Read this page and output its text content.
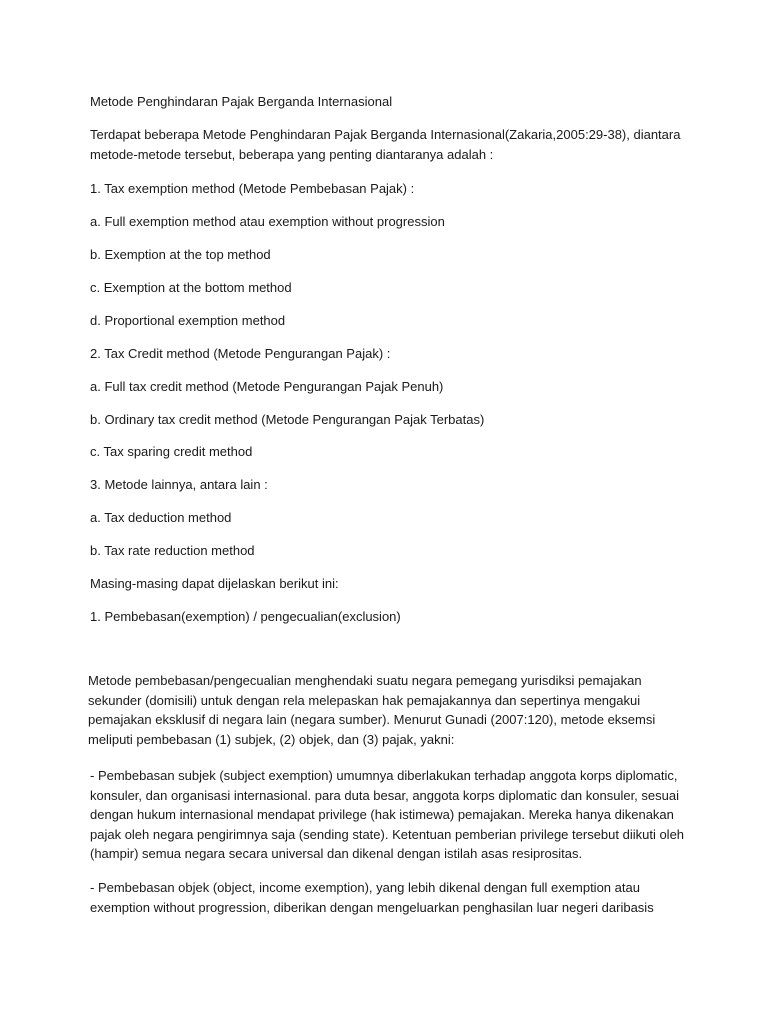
Metode Penghindaran Pajak Berganda Internasional

Terdapat beberapa Metode Penghindaran Pajak Berganda Internasional(Zakaria,2005:29-38), diantara
metode-metode tersebut, beberapa yang penting diantaranya adalah :

1. Tax exemption method (Metode Pembebasan Pajak) :

a. Full exemption method atau exemption without progression

b. Exemption at the top method

c. Exemption at the bottom method

d. Proportional exemption method

2. Tax Credit method (Metode Pengurangan Pajak) :

a. Full tax credit method (Metode Pengurangan Pajak Penuh)

b. Ordinary tax credit method (Metode Pengurangan Pajak Terbatas)

c. Tax sparing credit method

3. Metode lainnya, antara lain :

a. Tax deduction method

b. Tax rate reduction method

Masing-masing dapat dijelaskan berikut ini:

1. Pembebasan(exemption) / pengecualian(exclusion)

Metode pembebasan/pengecualian menghendaki suatu negara pemegang yurisdiksi pemajakan
sekunder (domisili) untuk dengan rela melepaskan hak pemajakannya dan sepertinya mengakui
pemajakan eksklusif di negara lain (negara sumber). Menurut Gunadi (2007:120), metode eksemsi
meliputi pembebasan (1) subjek, (2) objek, dan (3) pajak, yakni:
- Pembebasan subjek (subject exemption) umumnya diberlakukan terhadap anggota korps diplomatic,
konsuler, dan organisasi internasional. para duta besar, anggota korps diplomatic dan konsuler, sesuai
dengan hukum internasional mendapat privilege (hak istimewa) pemajakan. Mereka hanya dikenakan
pajak oleh negara pengirimnya saja (sending state). Ketentuan pemberian privilege tersebut diikuti oleh
(hampir) semua negara secara universal dan dikenal dengan istilah asas resiprositas.
- Pembebasan objek (object, income exemption), yang lebih dikenal dengan full exemption atau
exemption without progression, diberikan dengan mengeluarkan penghasilan luar negeri daribasis
